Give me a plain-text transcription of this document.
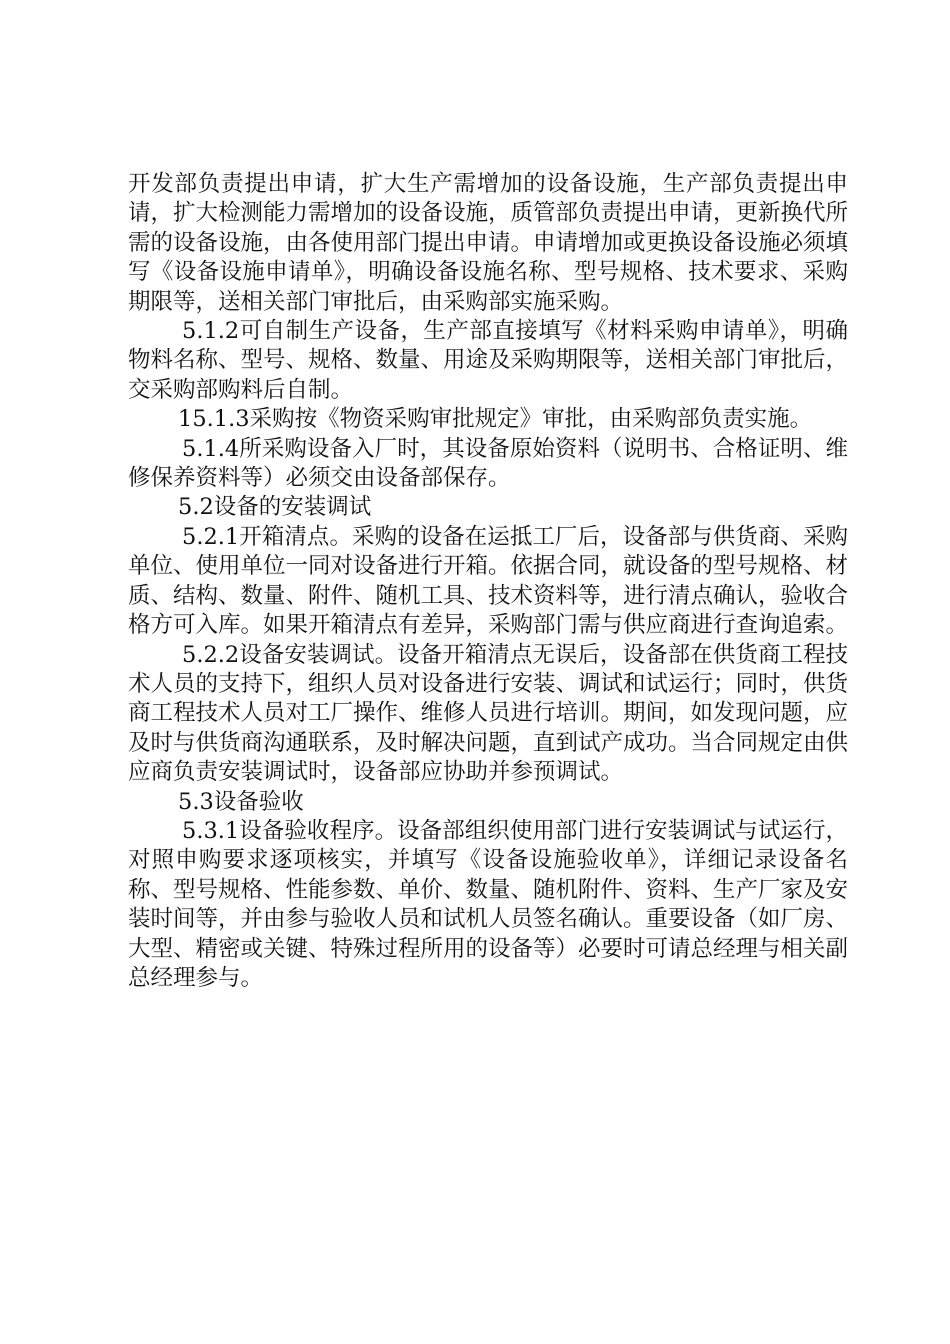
开发部负责提出申请，扩大生产需增加的设备设施，生产部负责提出申请，扩大检测能力需增加的设备设施，质管部负责提出申请，更新换代所需的设备设施，由各使用部门提出申请。申请增加或更换设备设施必须填写《设备设施申请单》，明确设备设施名称、型号规格、技术要求、采购期限等，送相关部门审批后，由采购部实施采购。

5.1.2可自制生产设备，生产部直接填写《材料采购申请单》，明确物料名称、型号、规格、数量、用途及采购期限等，送相关部门审批后，交采购部购料后自制。

15.1.3采购按《物资采购审批规定》审批，由采购部负责实施。

5.1.4所采购设备入厂时，其设备原始资料（说明书、合格证明、维修保养资料等）必须交由设备部保存。

5.2设备的安装调试

5.2.1开箱清点。采购的设备在运抵工厂后，设备部与供货商、采购单位、使用单位一同对设备进行开箱。依据合同，就设备的型号规格、材质、结构、数量、附件、随机工具、技术资料等，进行清点确认，验收合格方可入库。如果开箱清点有差异，采购部门需与供应商进行查询追索。

5.2.2设备安装调试。设备开箱清点无误后，设备部在供货商工程技术人员的支持下，组织人员对设备进行安装、调试和试运行；同时，供货商工程技术人员对工厂操作、维修人员进行培训。期间，如发现问题，应及时与供货商沟通联系，及时解决问题，直到试产成功。当合同规定由供应商负责安装调试时，设备部应协助并参预调试。

5.3设备验收

5.3.1设备验收程序。设备部组织使用部门进行安装调试与试运行，对照申购要求逐项核实，并填写《设备设施验收单》，详细记录设备名称、型号规格、性能参数、单价、数量、随机附件、资料、生产厂家及安装时间等，并由参与验收人员和试机人员签名确认。重要设备（如厂房、大型、精密或关键、特殊过程所用的设备等）必要时可请总经理与相关副总经理参与。
